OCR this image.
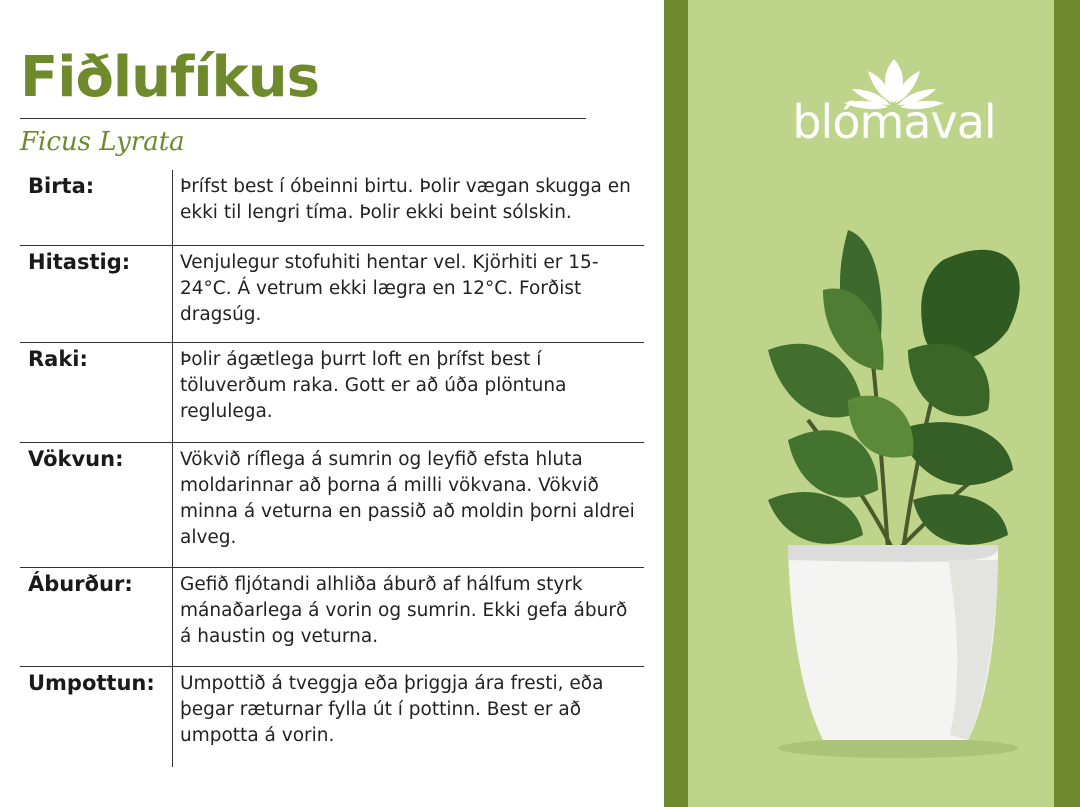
Fiðlufíkus

Ficus Lyrata

Birta:	Þrífst best í óbeinni birtu. Þolir vægan skugga en ekki til lengri tíma. Þolir ekki beint sólskin.
Hitastig:	Venjulegur stofuhiti hentar vel. Kjörhiti er 15-24°C. Á vetrum ekki lægra en 12°C. Forðist dragsúg.
Raki:	Þolir ágætlega þurrt loft en þrífst best í töluverðum raka. Gott er að úða plöntuna reglulega.
Vökvun:	Vökvið ríflega á sumrin og leyfið efsta hluta moldarinnar að þorna á milli vökvana. Vökvið minna á veturna en passið að moldin þorni aldrei alveg.
Áburður:	Gefið fljótandi alhliða áburð af hálfum styrk mánaðarlega á vorin og sumrin. Ekki gefa áburð á haustin og veturna.
Umpottun: Umpottið á tveggja eða þriggja ára fresti, eða þegar ræturnar fylla út í pottinn. Best er að umpotta á vorin.
blómaval
